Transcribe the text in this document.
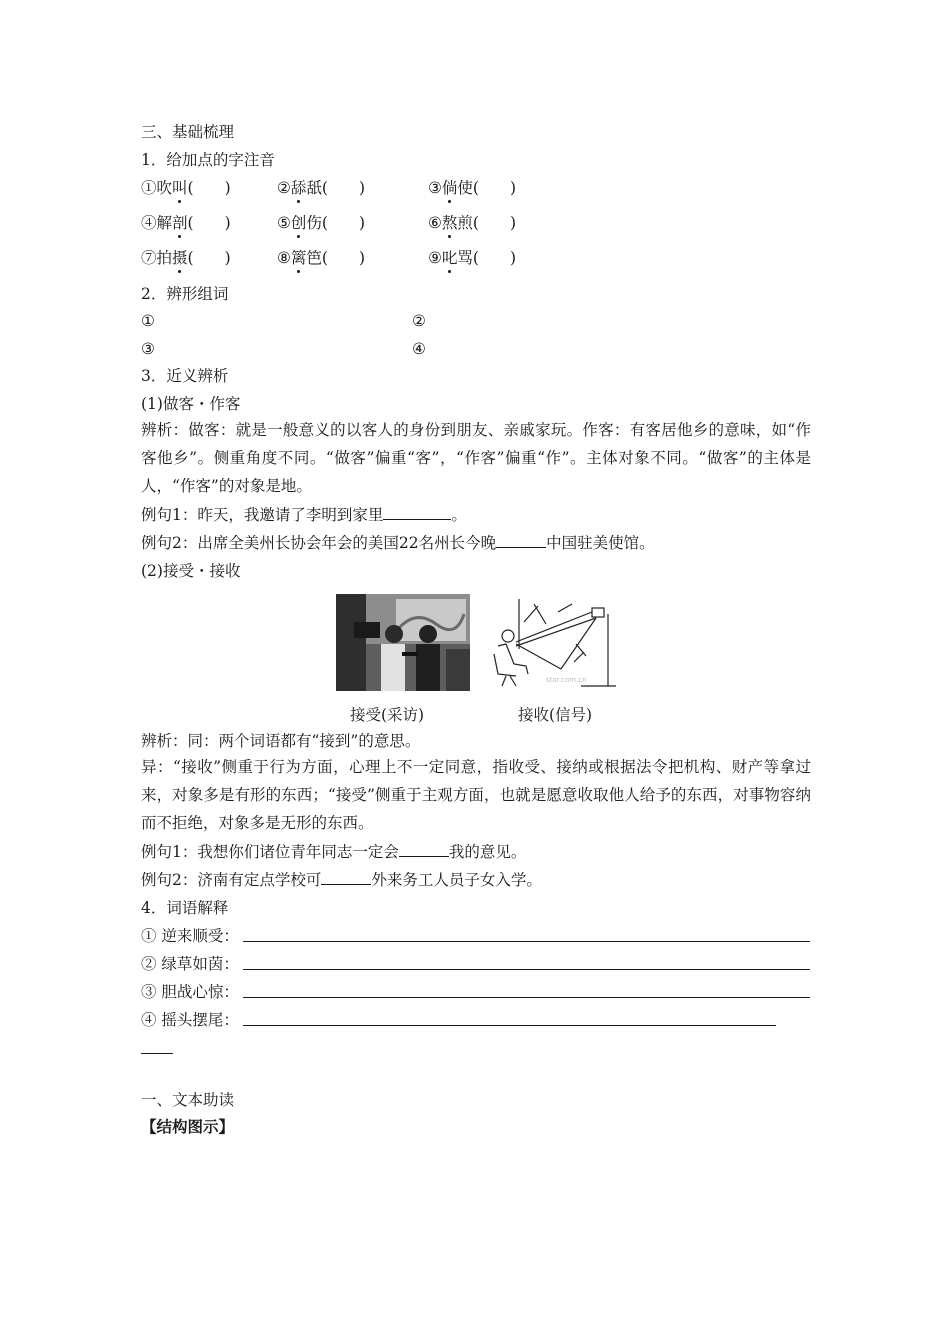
三、基础梳理
1．给加点的字注音
①吹叫(　　)	②舔舐(　　)	③倘使(　　)
④解剖(　　)	⑤创伤(　　)	⑥熬煎(　　)
⑦拍摄(　　)	⑧篱笆(　　)	⑨叱骂(　　)
2．辨形组词
①	②
③	④
3．近义辨析
(1)做客・作客
辨析：做客：就是一般意义的以客人的身份到朋友、亲戚家玩。作客：有客居他乡的意味，如“作客他乡”。侧重角度不同。“做客”偏重“客”，“作客”偏重“作”。主体对象不同。“做客”的主体是人，“作客”的对象是地。
例句1：昨天，我邀请了李明到家里	。
例句2：出席全美州长协会年会的美国22名州长今晚	中国驻美使馆。
(2)接受・接收
stor.com.cn
接受(采访)	接收(信号)
辨析：同：两个词语都有“接到”的意思。
异：“接收”侧重于行为方面，心理上不一定同意，指收受、接纳或根据法令把机构、财产等拿过来，对象多是有形的东西；“接受”侧重于主观方面，也就是愿意收取他人给予的东西，对事物容纳而不拒绝，对象多是无形的东西。
例句1：我想你们诸位青年同志一定会	我的意见。
例句2：济南有定点学校可	外来务工人员子女入学。
4．词语解释
① 逆来顺受：
② 绿草如茵：
③ 胆战心惊：
④ 摇头摆尾：
一、文本助读
【结构图示】
